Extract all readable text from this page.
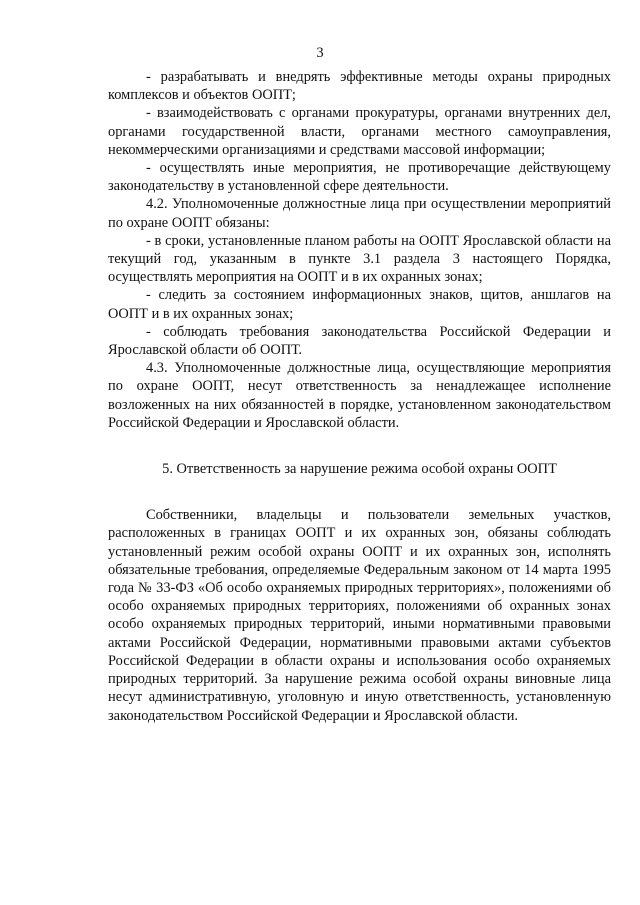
3

- разрабатывать и внедрять эффективные методы охраны природных комплексов и объектов ООПТ;

- взаимодействовать с органами прокуратуры, органами внутренних дел, органами государственной власти, органами местного самоуправления, некоммерческими организациями и средствами массовой информации;

- осуществлять иные мероприятия, не противоречащие действующему законодательству в установленной сфере деятельности.

4.2. Уполномоченные должностные лица при осуществлении мероприятий по охране ООПТ обязаны:

- в сроки, установленные планом работы на ООПТ Ярославской области на текущий год, указанным в пункте 3.1 раздела 3 настоящего Порядка, осуществлять мероприятия на ООПТ и в их охранных зонах;

- следить за состоянием информационных знаков, щитов, аншлагов на ООПТ и в их охранных зонах;

- соблюдать требования законодательства Российской Федерации и Ярославской области об ООПТ.

4.3. Уполномоченные должностные лица, осуществляющие мероприятия по охране ООПТ, несут ответственность за ненадлежащее исполнение возложенных на них обязанностей в порядке, установленном законодательством Российской Федерации и Ярославской области.

5. Ответственность за нарушение режима особой охраны ООПТ

Собственники, владельцы и пользователи земельных участков, расположенных в границах ООПТ и их охранных зон, обязаны соблюдать установленный режим особой охраны ООПТ и их охранных зон, исполнять обязательные требования, определяемые Федеральным законом от 14 марта 1995 года № 33-ФЗ «Об особо охраняемых природных территориях», положениями об особо охраняемых природных территориях, положениями об охранных зонах особо охраняемых природных территорий, иными нормативными правовыми актами Российской Федерации, нормативными правовыми актами субъектов Российской Федерации в области охраны и использования особо охраняемых природных территорий. За нарушение режима особой охраны виновные лица несут административную, уголовную и иную ответственность, установленную законодательством Российской Федерации и Ярославской области.
